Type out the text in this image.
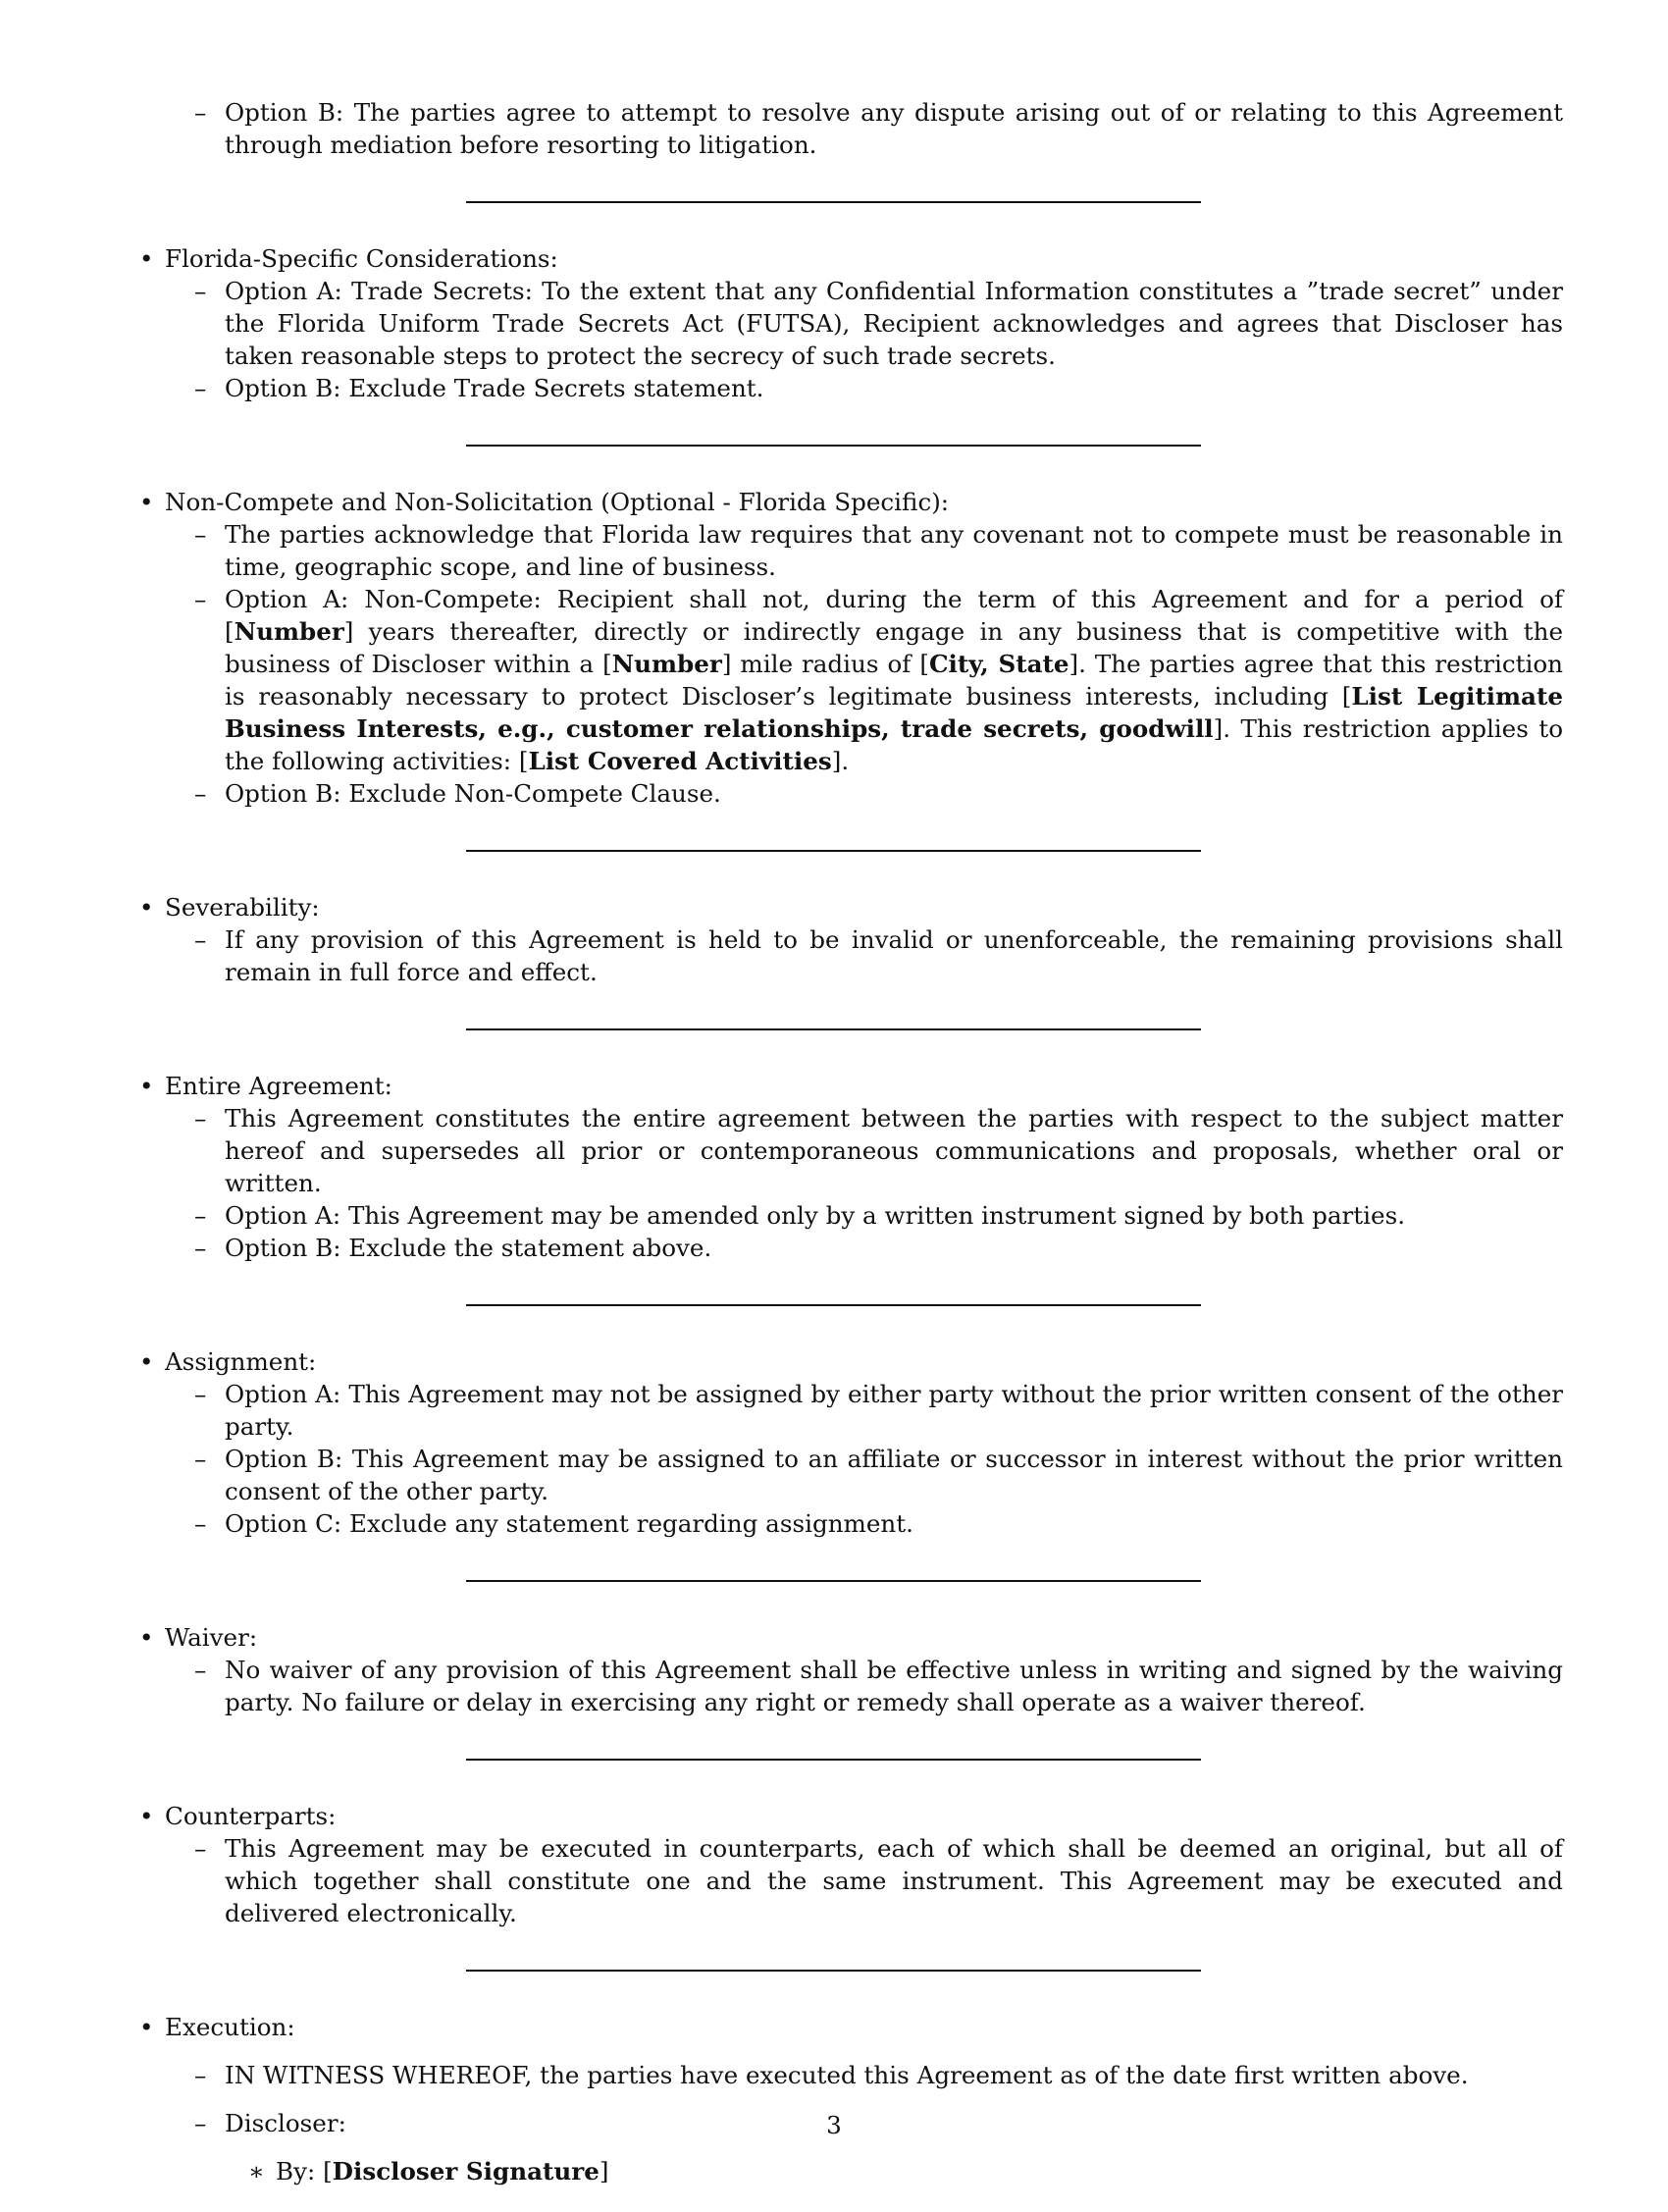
– Option B: The parties agree to attempt to resolve any dispute arising out of or relating to this Agreement through mediation before resorting to litigation.

• Florida-Specific Considerations:

– Option A: Trade Secrets: To the extent that any Confidential Information constitutes a ”trade secret” under the Florida Uniform Trade Secrets Act (FUTSA), Recipient acknowledges and agrees that Discloser has taken reasonable steps to protect the secrecy of such trade secrets.

– Option B: Exclude Trade Secrets statement.

• Non-Compete and Non-Solicitation (Optional - Florida Specific):

– The parties acknowledge that Florida law requires that any covenant not to compete must be reasonable in time, geographic scope, and line of business.

– Option A: Non-Compete: Recipient shall not, during the term of this Agreement and for a period of [Number] years thereafter, directly or indirectly engage in any business that is competitive with the business of Discloser within a [Number] mile radius of [City, State]. The parties agree that this restriction is reasonably necessary to protect Discloser’s legitimate business interests, including [List Legitimate Business Interests, e.g., customer relationships, trade secrets, goodwill]. This restriction applies to the following activities: [List Covered Activities].

– Option B: Exclude Non-Compete Clause.

• Severability:

– If any provision of this Agreement is held to be invalid or unenforceable, the remaining provisions shall remain in full force and effect.

• Entire Agreement:

– This Agreement constitutes the entire agreement between the parties with respect to the subject matter hereof and supersedes all prior or contemporaneous communications and proposals, whether oral or written.

– Option A: This Agreement may be amended only by a written instrument signed by both parties.

– Option B: Exclude the statement above.

• Assignment:

– Option A: This Agreement may not be assigned by either party without the prior written consent of the other party.

– Option B: This Agreement may be assigned to an affiliate or successor in interest without the prior written consent of the other party.

– Option C: Exclude any statement regarding assignment.

• Waiver:

– No waiver of any provision of this Agreement shall be effective unless in writing and signed by the waiving party. No failure or delay in exercising any right or remedy shall operate as a waiver thereof.

• Counterparts:

– This Agreement may be executed in counterparts, each of which shall be deemed an original, but all of which together shall constitute one and the same instrument. This Agreement may be executed and delivered electronically.

• Execution:

– IN WITNESS WHEREOF, the parties have executed this Agreement as of the date first written above.

– Discloser:

∗ By: [Discloser Signature]

3
